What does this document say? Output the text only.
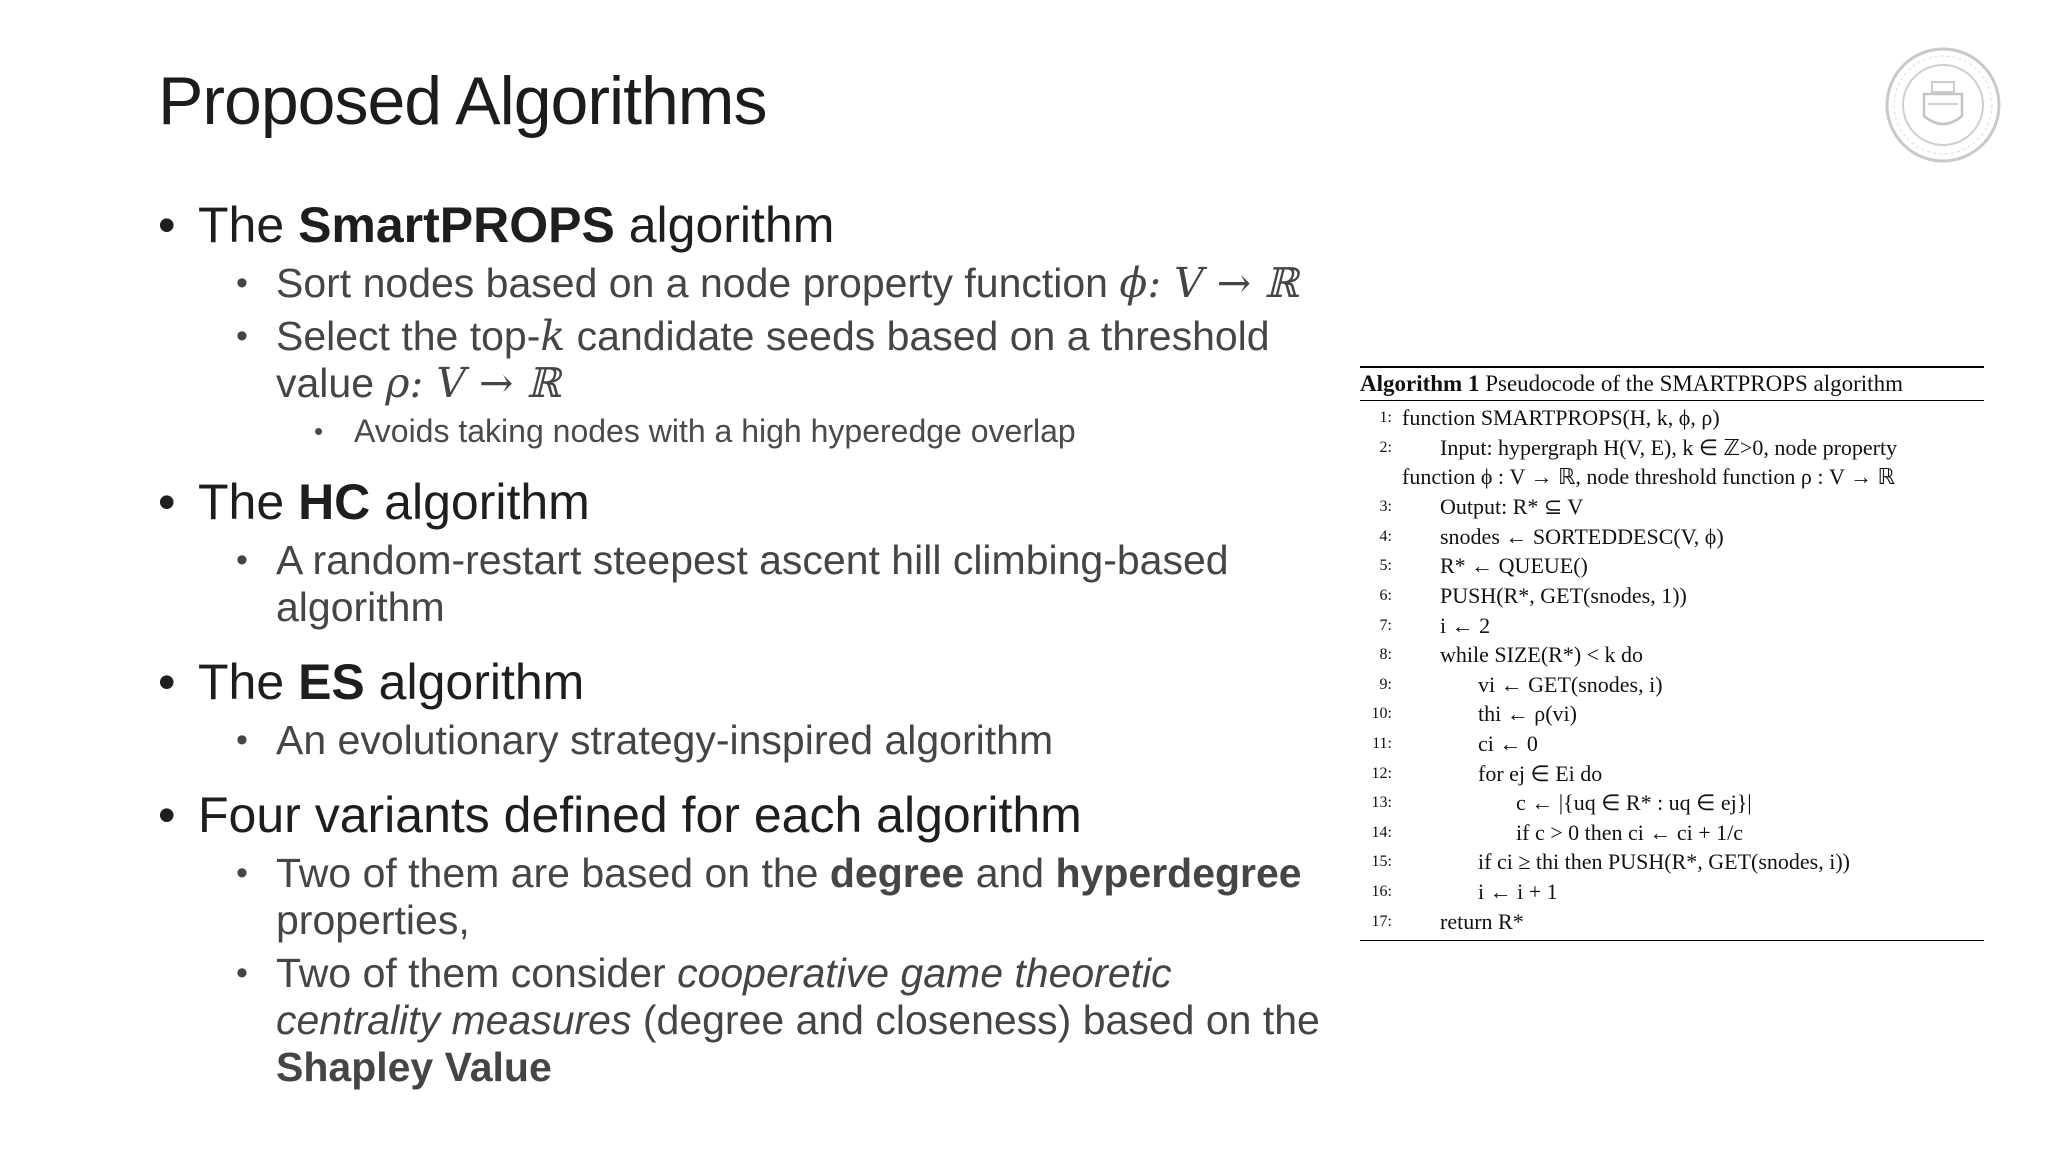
Proposed Algorithms
• The SmartPROPS algorithm
• Sort nodes based on a node property function ϕ: V → ℝ
• Select the top-k candidate seeds based on a threshold value ρ: V → ℝ
• Avoids taking nodes with a high hyperedge overlap
• The HC algorithm
• A random-restart steepest ascent hill climbing-based algorithm
• The ES algorithm
• An evolutionary strategy-inspired algorithm
• Four variants defined for each algorithm
• Two of them are based on the degree and hyperdegree properties,
• Two of them consider cooperative game theoretic centrality measures (degree and closeness) based on the Shapley Value
Algorithm 1 Pseudocode of the SMARTPROPS algorithm
1: function SMARTPROPS(H, k, ϕ, ρ)
2: Input: hypergraph H(V, E), k ∈ ℤ>0, node property
function ϕ : V → ℝ, node threshold function ρ : V → ℝ
3: Output: R* ⊆ V
4: snodes ← SORTEDDESC(V, ϕ)
5: R* ← QUEUE()
6: PUSH(R*, GET(snodes, 1))
7: i ← 2
8: while SIZE(R*) < k do
9:	vi ← GET(snodes, i)
10:	thi ← ρ(vi)
11:	ci ← 0
12:	for ej ∈ Ei do
13:	c ← |{uq ∈ R* : uq ∈ ej}|
14:	if c > 0 then ci ← ci + 1/c
15:	if ci ≥ thi then PUSH(R*, GET(snodes, i))
16:	i ← i + 1
17: return R*
